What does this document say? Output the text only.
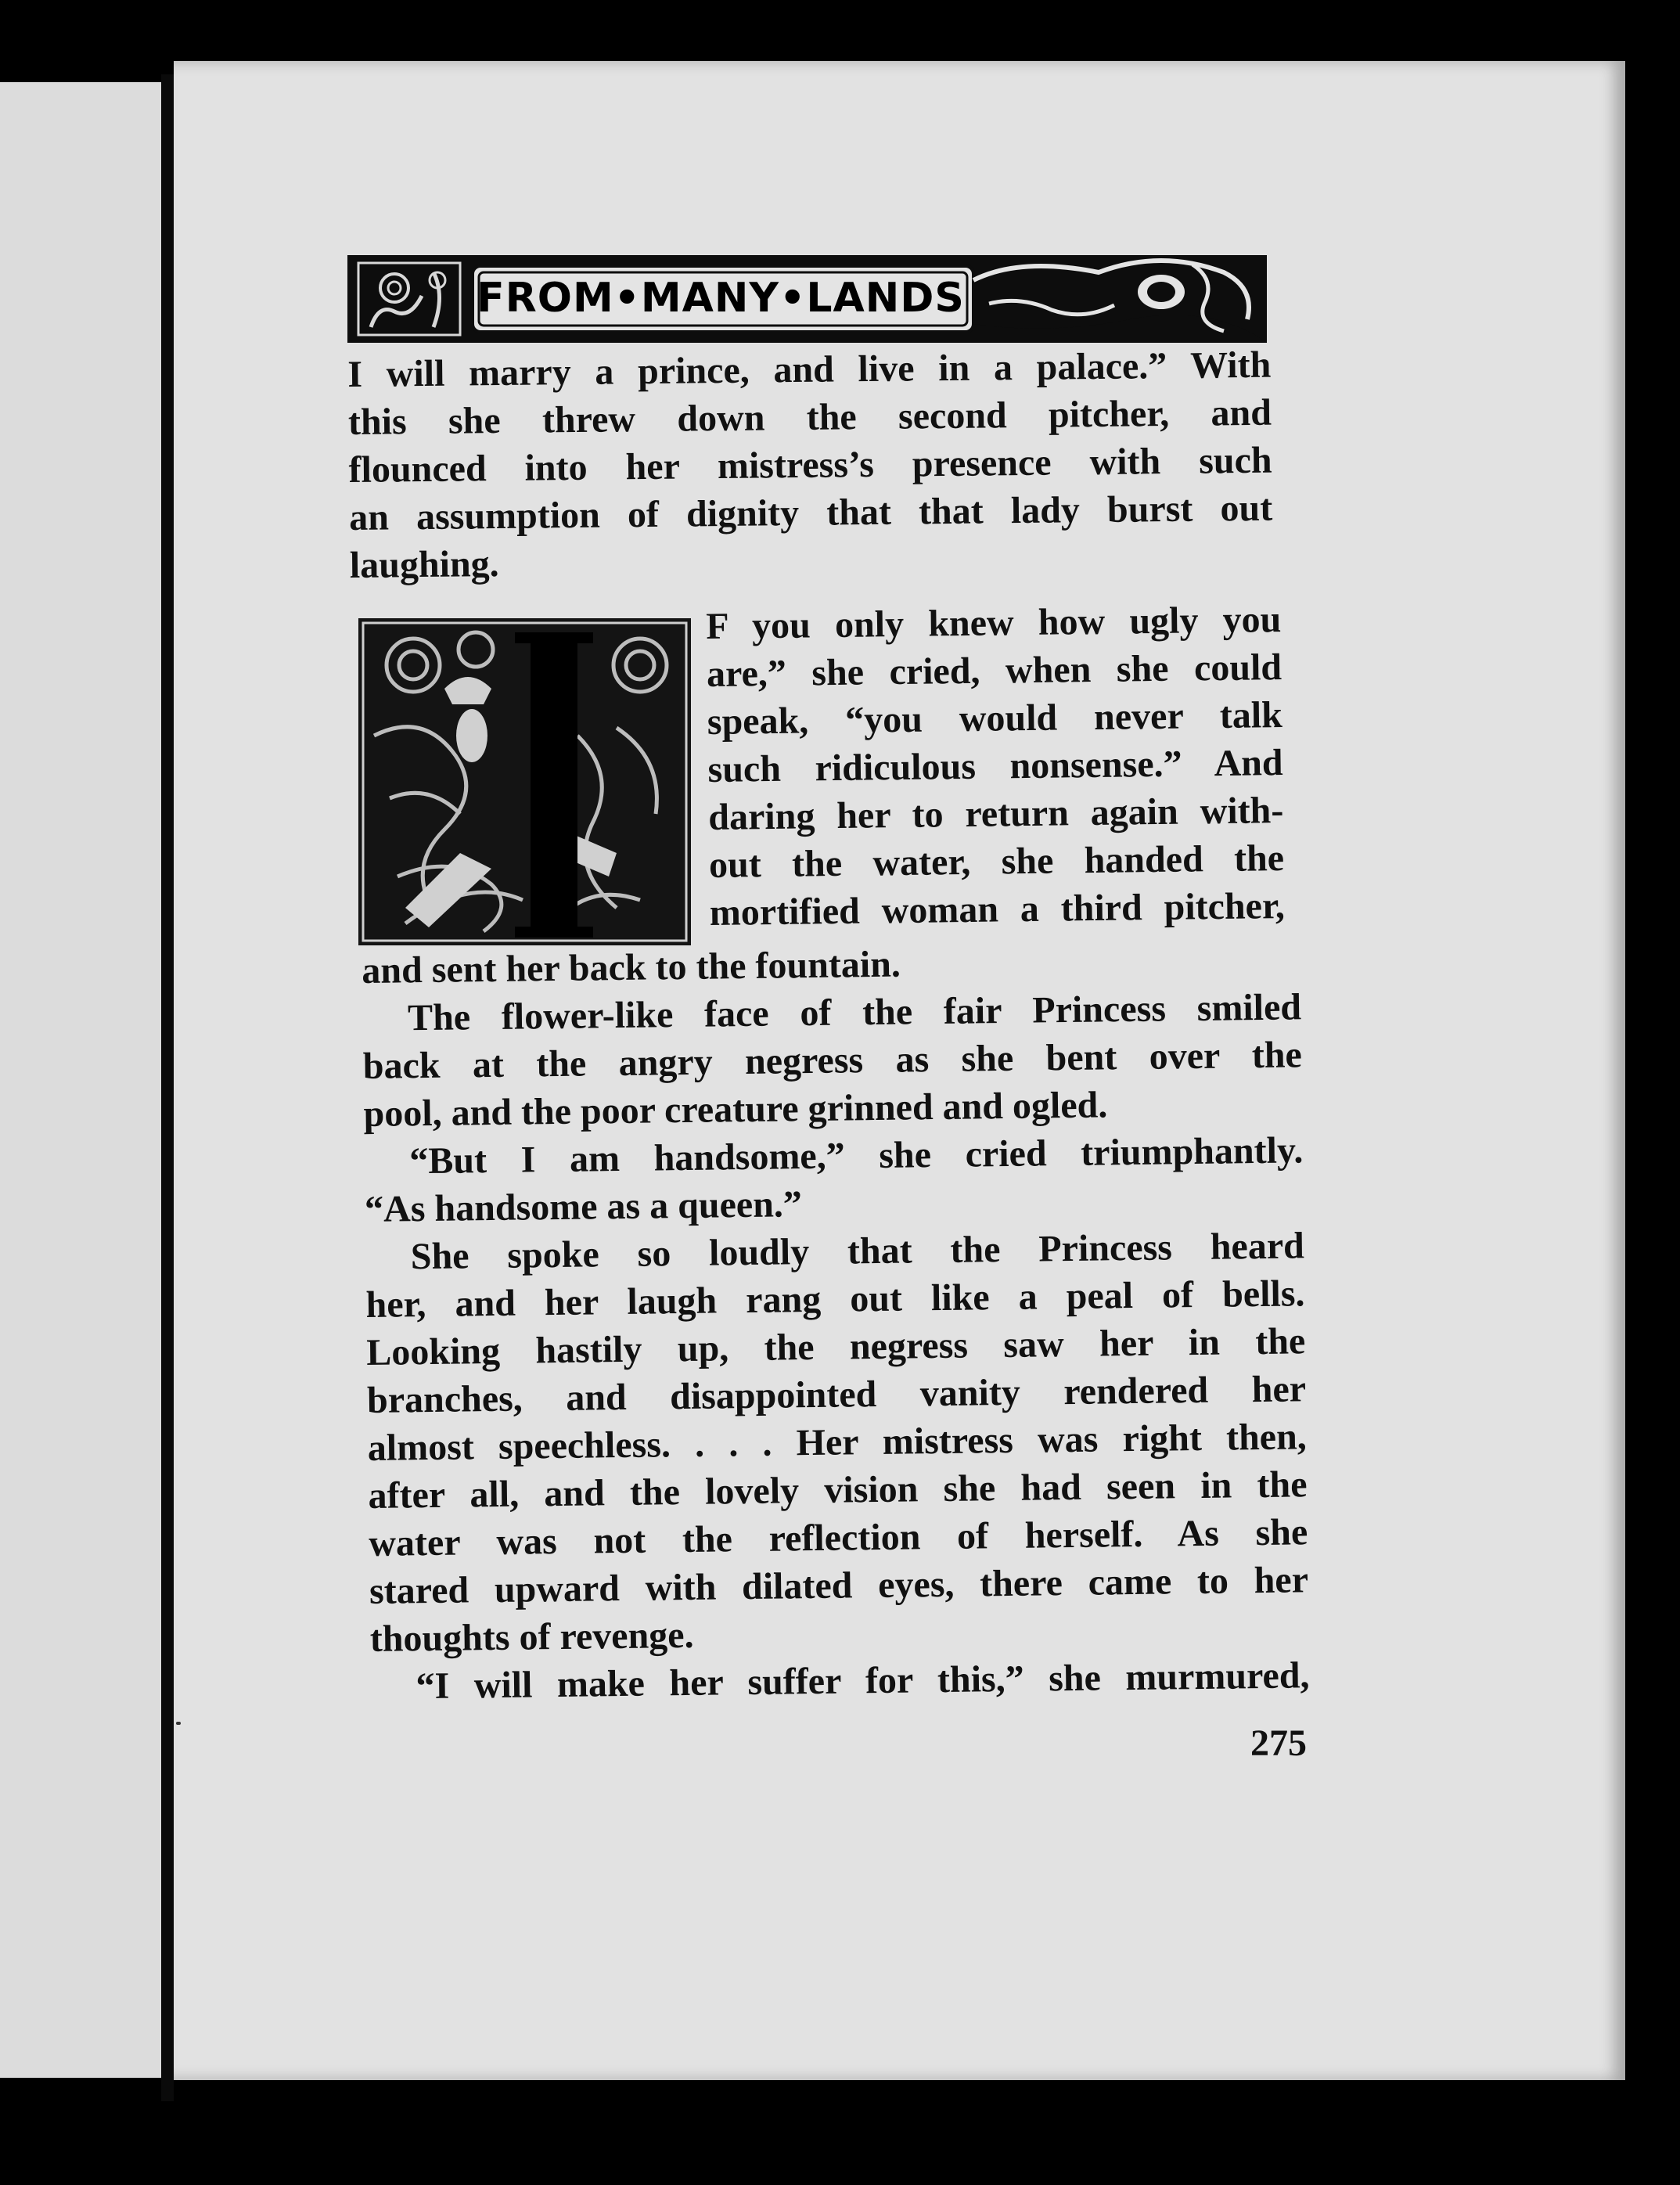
FROM•MANY•LANDS
I will marry a prince, and live in a palace.” With
this she threw down the second pitcher, and
flounced into her mistress’s presence with such
an assumption of dignity that that lady burst out
laughing.
F you only knew how ugly you
are,” she cried, when she could
speak, “you would never talk
such ridiculous nonsense.” And
daring her to return again with-
out the water, she handed the
mortified woman a third pitcher,
and sent her back to the fountain.
The flower-like face of the fair Princess smiled
back at the angry negress as she bent over the
pool, and the poor creature grinned and ogled.
“But I am handsome,” she cried triumphantly.
“As handsome as a queen.”
She spoke so loudly that the Princess heard
her, and her laugh rang out like a peal of bells.
Looking hastily up, the negress saw her in the
branches, and disappointed vanity rendered her
almost speechless. . . . Her mistress was right then,
after all, and the lovely vision she had seen in the
water was not the reflection of herself. As she
stared upward with dilated eyes, there came to her
thoughts of revenge.
“I will make her suffer for this,” she murmured,
275
